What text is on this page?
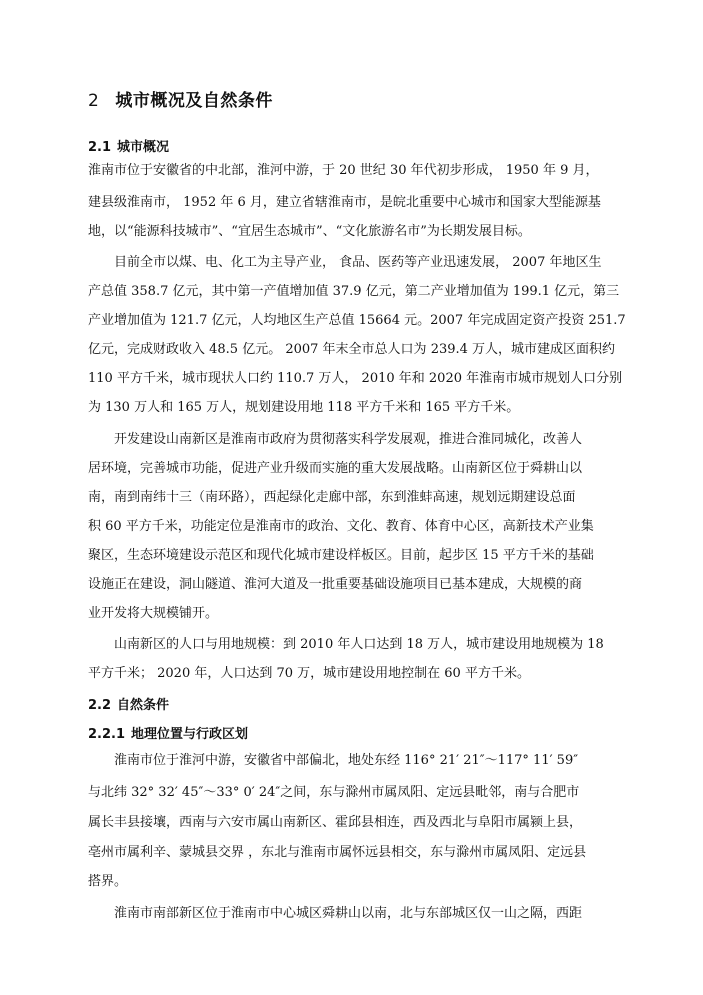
2 城市概况及自然条件
2.1 城市概况
淮南市位于安徽省的中北部，淮河中游，于 20 世纪 30 年代初步形成， 1950 年 9 月，
建县级淮南市， 1952 年 6 月，建立省辖淮南市，是皖北重要中心城市和国家大型能源基
地，以“能源科技城市”、“宜居生态城市”、“文化旅游名市”为长期发展目标。
目前全市以煤、电、化工为主导产业， 食品、医药等产业迅速发展， 2007 年地区生
产总值 358.7 亿元，其中第一产值增加值 37.9 亿元，第二产业增加值为 199.1 亿元，第三
产业增加值为 121.7 亿元，人均地区生产总值 15664 元。2007 年完成固定资产投资 251.7
亿元，完成财政收入 48.5 亿元。 2007 年末全市总人口为 239.4 万人，城市建成区面积约
110 平方千米，城市现状人口约 110.7 万人， 2010 年和 2020 年淮南市城市规划人口分别
为 130 万人和 165 万人，规划建设用地 118 平方千米和 165 平方千米。
开发建设山南新区是淮南市政府为贯彻落实科学发展观，推进合淮同城化，改善人
居环境，完善城市功能，促进产业升级而实施的重大发展战略。山南新区位于舜耕山以
南，南到南纬十三（南环路），西起绿化走廊中部，东到淮蚌高速，规划远期建设总面
积 60 平方千米，功能定位是淮南市的政治、文化、教育、体育中心区，高新技术产业集
聚区，生态环境建设示范区和现代化城市建设样板区。目前，起步区 15 平方千米的基础
设施正在建设，洞山隧道、淮河大道及一批重要基础设施项目已基本建成，大规模的商
业开发将大规模铺开。
山南新区的人口与用地规模：到 2010 年人口达到 18 万人，城市建设用地规模为 18
平方千米； 2020 年，人口达到 70 万，城市建设用地控制在 60 平方千米。
2.2 自然条件
2.2.1 地理位置与行政区划
淮南市位于淮河中游，安徽省中部偏北，地处东经 116° 21′ 21″～117° 11′ 59″
与北纬 32° 32′ 45″～33° 0′ 24″之间，东与滁州市属凤阳、定远县毗邻，南与合肥市
属长丰县接壤，西南与六安市属山南新区、霍邱县相连，西及西北与阜阳市属颍上县，
亳州市属利辛、蒙城县交界 ，东北与淮南市属怀远县相交，东与滁州市属凤阳、定远县
搭界。
淮南市南部新区位于淮南市中心城区舜耕山以南，北与东部城区仅一山之隔，西距
